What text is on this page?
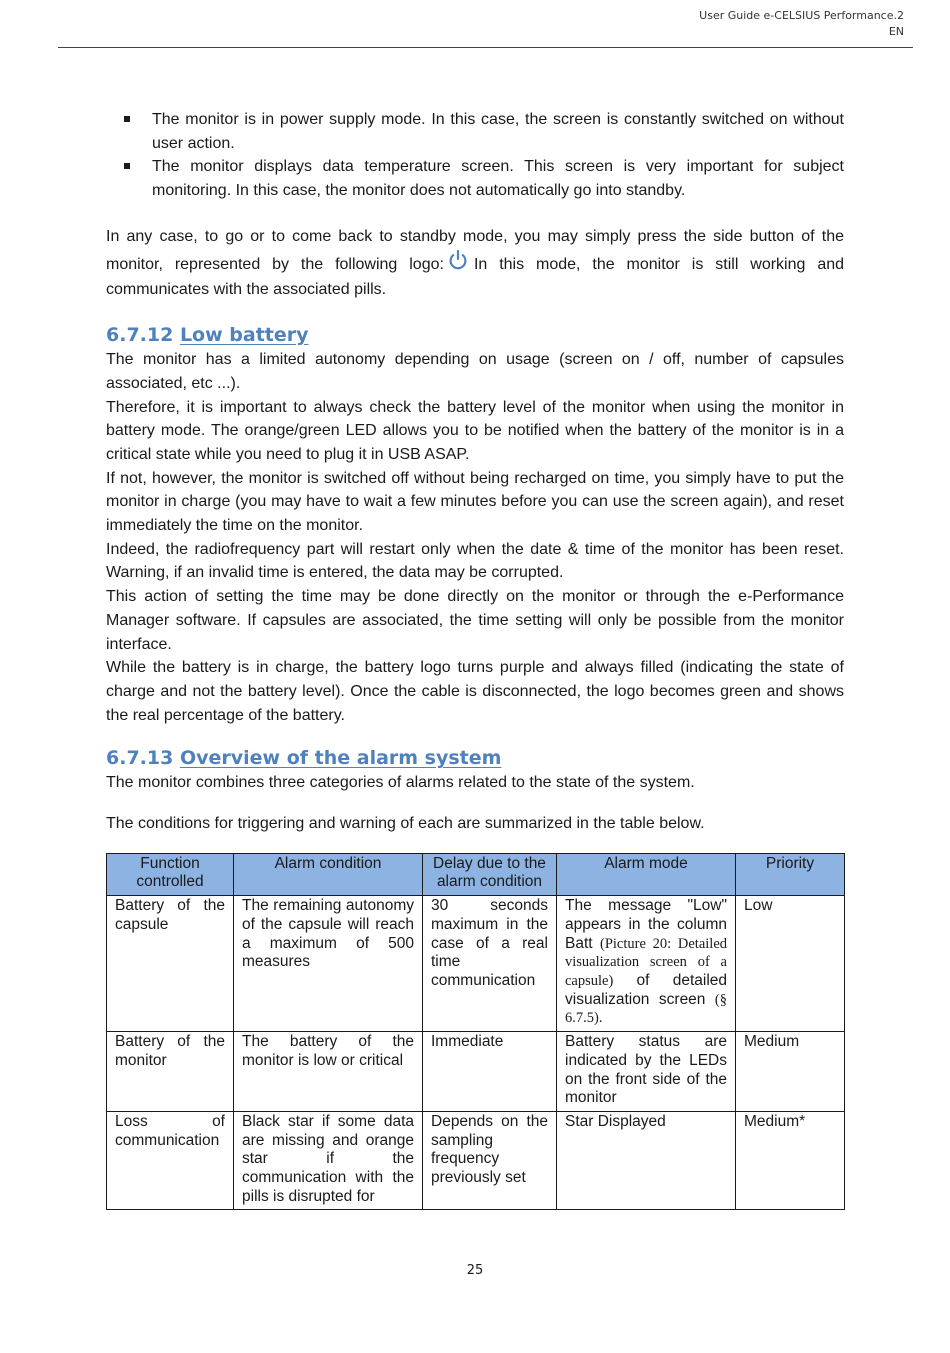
User Guide e-CELSIUS Performance.2
EN
The monitor is in power supply mode. In this case, the screen is constantly switched on without user action.
The monitor displays data temperature screen. This screen is very important for subject monitoring. In this case, the monitor does not automatically go into standby.

In any case, to go or to come back to standby mode, you may simply press the side button of the monitor, represented by the following logo: In this mode, the monitor is still working and communicates with the associated pills.

6.7.12 Low battery

The monitor has a limited autonomy depending on usage (screen on / off, number of capsules associated, etc ...).

Therefore, it is important to always check the battery level of the monitor when using the monitor in battery mode. The orange/green LED allows you to be notified when the battery of the monitor is in a critical state while you need to plug it in USB ASAP.

If not, however, the monitor is switched off without being recharged on time, you simply have to put the monitor in charge (you may have to wait a few minutes before you can use the screen again), and reset immediately the time on the monitor.

Indeed, the radiofrequency part will restart only when the date & time of the monitor has been reset. Warning, if an invalid time is entered, the data may be corrupted.

This action of setting the time may be done directly on the monitor or through the e-Performance Manager software. If capsules are associated, the time setting will only be possible from the monitor interface.

While the battery is in charge, the battery logo turns purple and always filled (indicating the state of charge and not the battery level). Once the cable is disconnected, the logo becomes green and shows the real percentage of the battery.

6.7.13 Overview of the alarm system

The monitor combines three categories of alarms related to the state of the system.

The conditions for triggering and warning of each are summarized in the table below.

Function controlled	Alarm condition	Delay due to the alarm condition	Alarm mode	Priority
Battery of the capsule	The remaining autonomy of the capsule will reach a maximum of 500 measures	30 seconds maximum in the case of a real time communication	The message "Low" appears in the column Batt (Picture 20: Detailed visualization screen of a capsule) of detailed visualization screen (§ 6.7.5).	Low
Battery of the monitor	The battery of the monitor is low or critical	Immediate	Battery status are indicated by the LEDs on the front side of the monitor	Medium
Loss of communication	Black star if some data are missing and orange star if the communication with the pills is disrupted for	Depends on the sampling frequency previously set	Star Displayed	Medium*
25
